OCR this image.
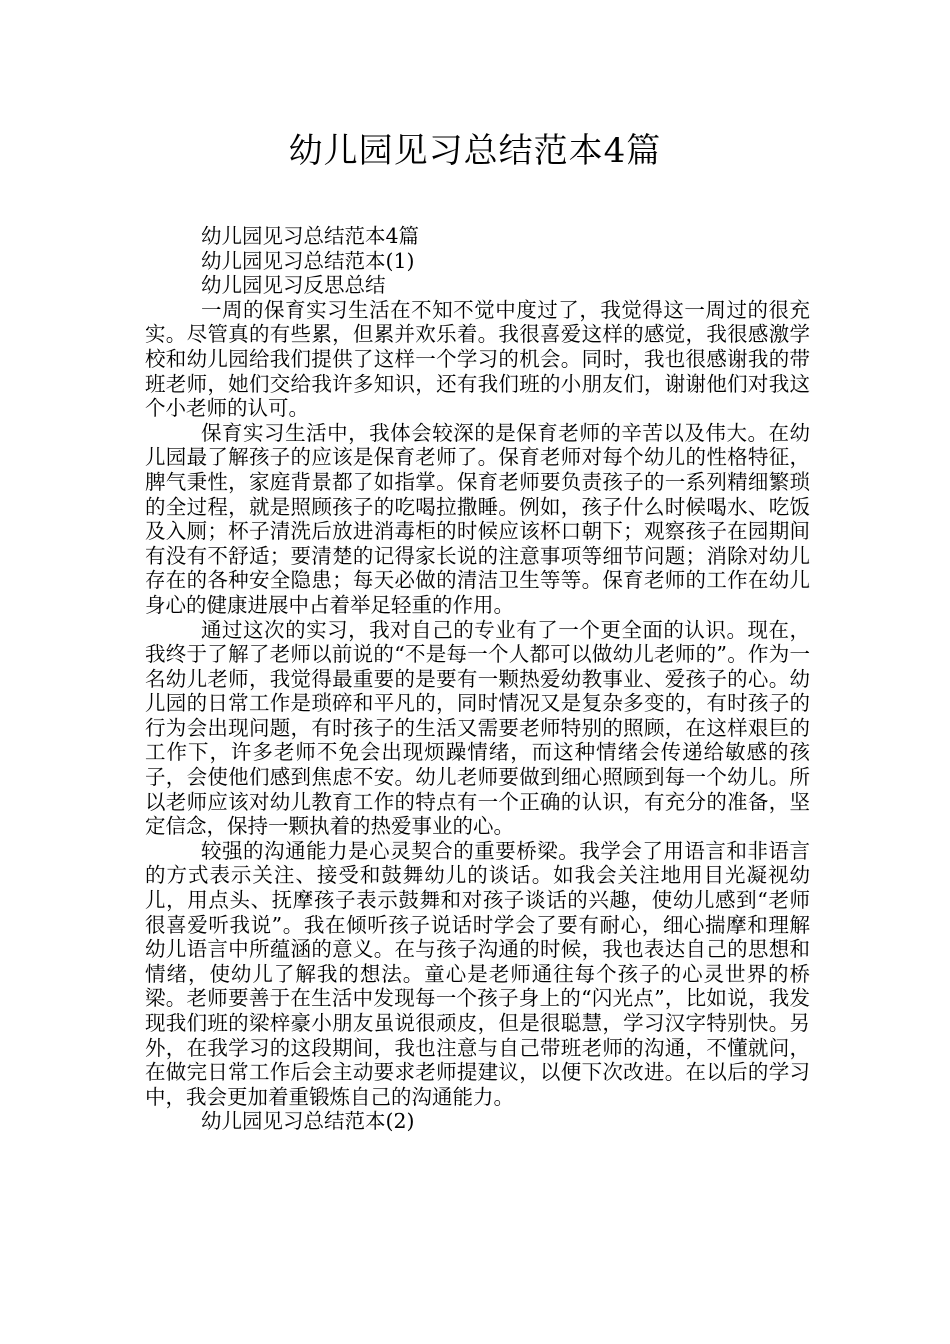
幼儿园见习总结范本4篇

幼儿园见习总结范本4篇

幼儿园见习总结范本(1)

幼儿园见习反思总结

一周的保育实习生活在不知不觉中度过了，我觉得这一周过的很充实。尽管真的有些累，但累并欢乐着。我很喜爱这样的感觉，我很感激学校和幼儿园给我们提供了这样一个学习的机会。同时，我也很感谢我的带班老师，她们交给我许多知识，还有我们班的小朋友们，谢谢他们对我这个小老师的认可。

保育实习生活中，我体会较深的是保育老师的辛苦以及伟大。在幼儿园最了解孩子的应该是保育老师了。保育老师对每个幼儿的性格特征，脾气秉性，家庭背景都了如指掌。保育老师要负责孩子的一系列精细繁琐的全过程，就是照顾孩子的吃喝拉撒睡。例如，孩子什么时候喝水、吃饭及入厕；杯子清洗后放进消毒柜的时候应该杯口朝下；观察孩子在园期间有没有不舒适；要清楚的记得家长说的注意事项等细节问题；消除对幼儿存在的各种安全隐患；每天必做的清洁卫生等等。保育老师的工作在幼儿身心的健康进展中占着举足轻重的作用。

通过这次的实习，我对自己的专业有了一个更全面的认识。现在，我终于了解了老师以前说的“不是每一个人都可以做幼儿老师的”。作为一名幼儿老师，我觉得最重要的是要有一颗热爱幼教事业、爱孩子的心。幼儿园的日常工作是琐碎和平凡的，同时情况又是复杂多变的，有时孩子的行为会出现问题，有时孩子的生活又需要老师特别的照顾，在这样艰巨的工作下，许多老师不免会出现烦躁情绪，而这种情绪会传递给敏感的孩子，会使他们感到焦虑不安。幼儿老师要做到细心照顾到每一个幼儿。所以老师应该对幼儿教育工作的特点有一个正确的认识，有充分的准备，坚定信念，保持一颗执着的热爱事业的心。

较强的沟通能力是心灵契合的重要桥梁。我学会了用语言和非语言的方式表示关注、接受和鼓舞幼儿的谈话。如我会关注地用目光凝视幼儿，用点头、抚摩孩子表示鼓舞和对孩子谈话的兴趣，使幼儿感到“老师很喜爱听我说”。我在倾听孩子说话时学会了要有耐心，细心揣摩和理解幼儿语言中所蕴涵的意义。在与孩子沟通的时候，我也表达自己的思想和情绪，使幼儿了解我的想法。童心是老师通往每个孩子的心灵世界的桥梁。老师要善于在生活中发现每一个孩子身上的“闪光点”，比如说，我发现我们班的梁梓豪小朋友虽说很顽皮，但是很聪慧，学习汉字特别快。另外，在我学习的这段期间，我也注意与自己带班老师的沟通，不懂就问，在做完日常工作后会主动要求老师提建议，以便下次改进。在以后的学习中，我会更加着重锻炼自己的沟通能力。

幼儿园见习总结范本(2)
